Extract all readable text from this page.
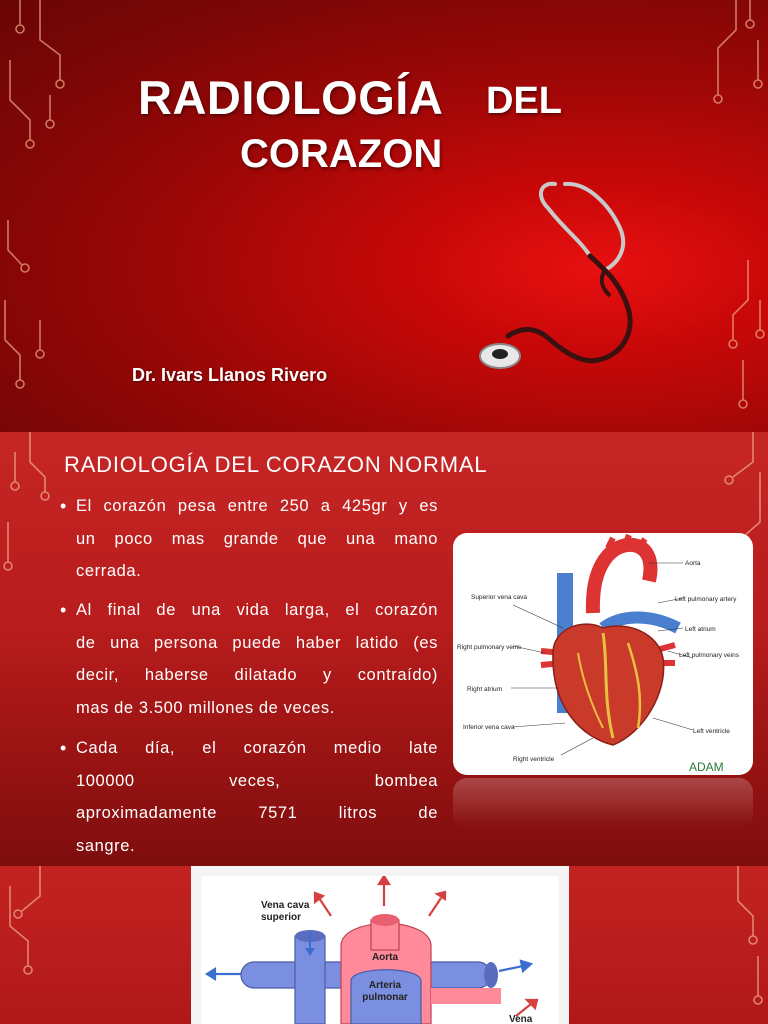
RADIOLOGÍA DEL
CORAZON
Dr. Ivars Llanos Rivero
RADIOLOGÍA DEL CORAZON NORMAL
• El corazón pesa entre 250 a 425gr y es
un poco mas grande que una mano
cerrada.
• Al final de una vida larga, el corazón
de una persona puede haber latido (es
decir, haberse dilatado y contraído)
mas de 3.500 millones de veces.
• Cada día, el corazón medio late
100000 veces, bombea
aproximadamente 7571 litros de
sangre.
Aorta
Superior vena cava	Left pulmonary artery
Left atrium
Right pulmonary veins
Left pulmonary veins
Right atrium
Inferior vena cava
Left ventricle
Right ventricle
ADAM
Aorta
Arteria
pulmonar
Vena cava
superior
Vena
